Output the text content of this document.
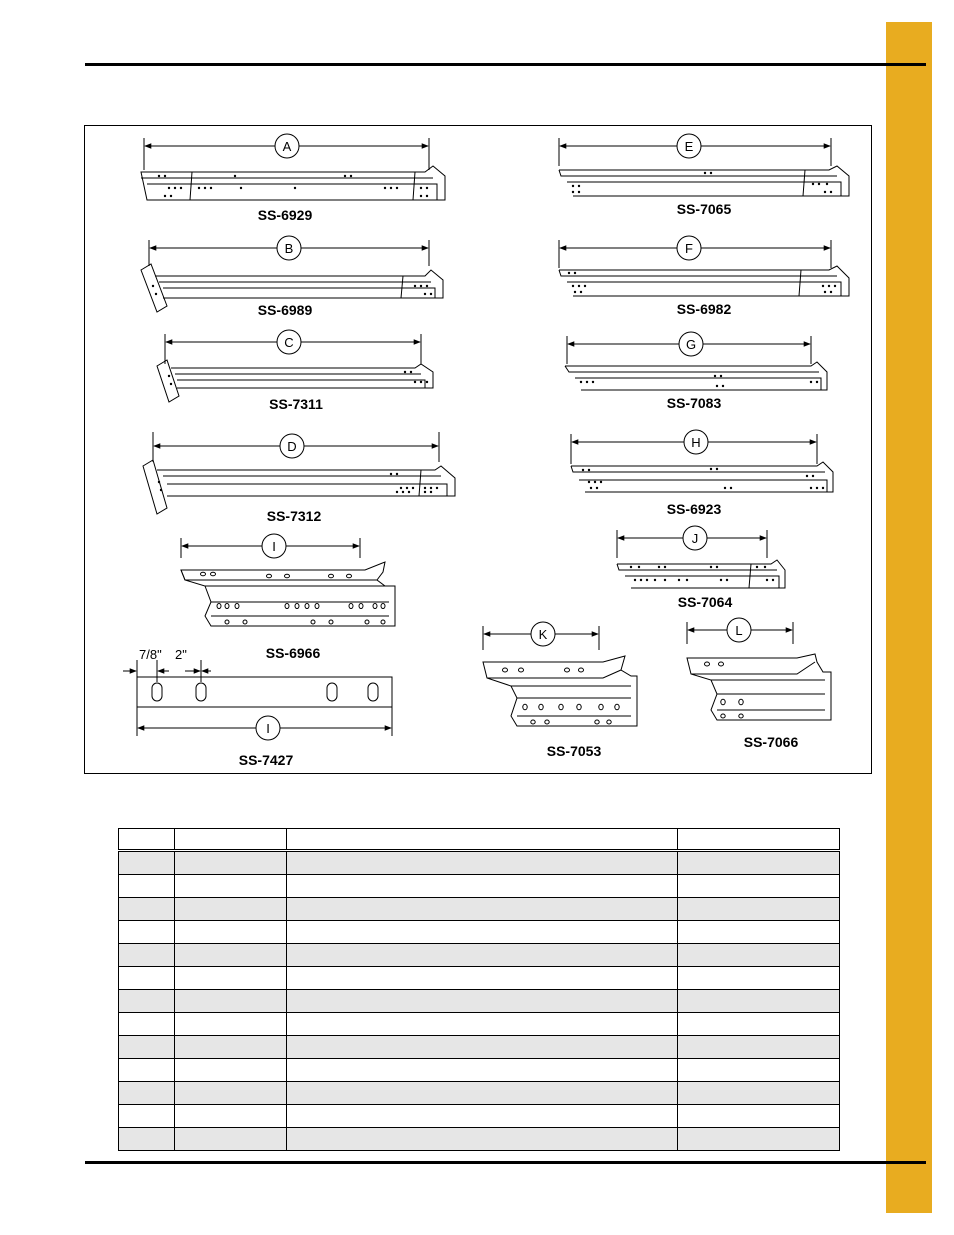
A
B
C
D
I
I
E
F
G
H
J
K	L
7/8" 2"
SS-6929
SS-6989
SS-7311
SS-7312
SS-6966
SS-7427
SS-7065
SS-6982
SS-7083
SS-6923
SS-7064
SS-7053
SS-7066
